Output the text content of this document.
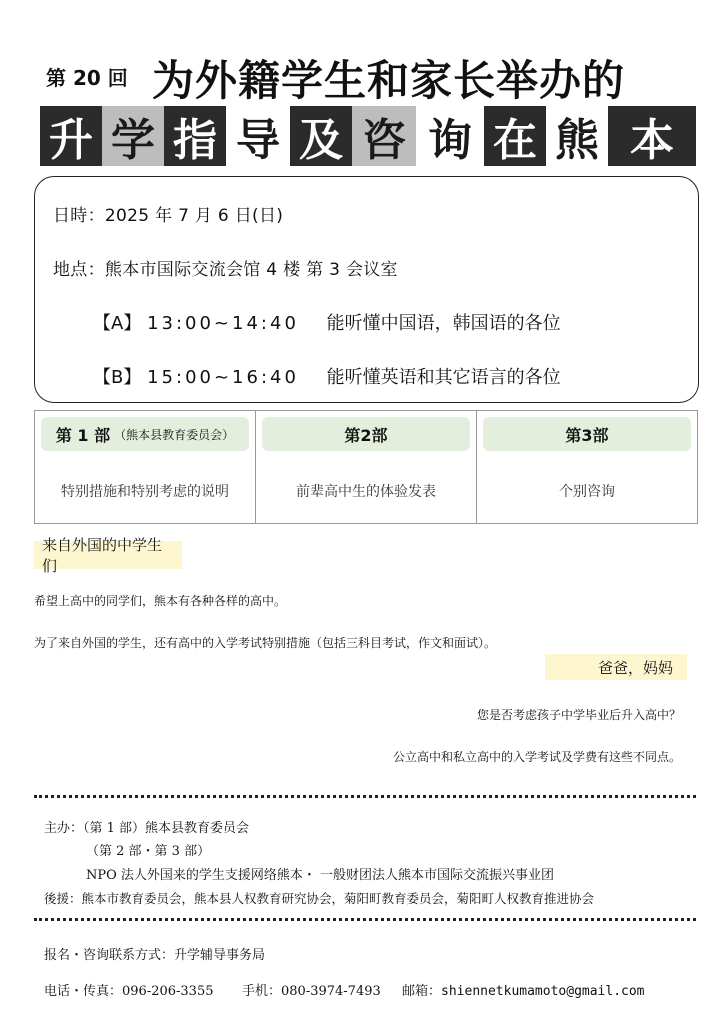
第 20 回 为外籍学生和家长举办的
升 学 指 导 及 咨 询 在 熊 本
日時：2025 年 7 月 6 日(日)
地点：熊本市国际交流会馆 4 楼 第 3 会议室
【A】 13:00~14:40 能听懂中国语，韩国语的各位
【B】 15:00~16:40 能听懂英语和其它语言的各位
第 1 部 （熊本县教育委员会）
特别措施和特别考虑的说明
第2部
前辈高中生的体验发表
第3部
个别咨询
来自外国的中学生们
希望上高中的同学们，熊本有各种各样的高中。
为了来自外国的学生，还有高中的入学考试特别措施（包括三科目考试，作文和面试）。
爸爸，妈妈
您是否考虑孩子中学毕业后升入高中？
公立高中和私立高中的入学考试及学费有这些不同点。
主办：（第 1 部）熊本县教育委员会
（第 2 部・第 3 部）
NPO 法人外国来的学生支援网络熊本・ 一般财团法人熊本市国际交流振兴事业团
後援：熊本市教育委员会，熊本县人权教育研究协会，菊阳町教育委员会，菊阳町人权教育推进协会
报名・咨询联系方式：升学辅导事务局
电话・传真：096-206-3355 手机：080-3974-7493 邮箱：shiennetkumamoto@gmail.com
